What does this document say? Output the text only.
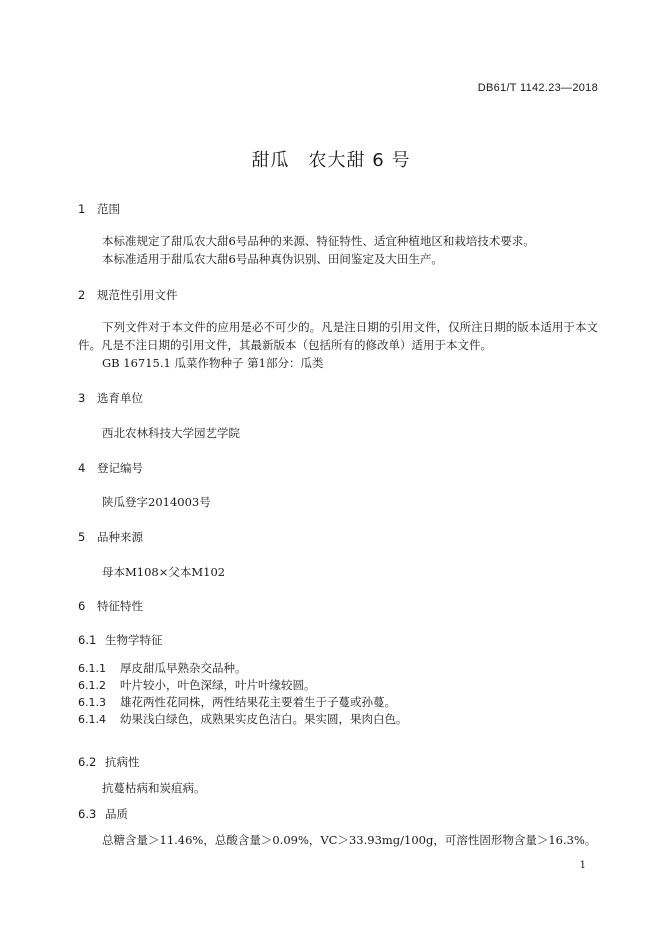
DB61/T 1142.23—2018
甜瓜　农大甜 6 号
1 范围
本标准规定了甜瓜农大甜6号品种的来源、特征特性、适宜种植地区和栽培技术要求。
本标准适用于甜瓜农大甜6号品种真伪识别、田间鉴定及大田生产。
2 规范性引用文件
下列文件对于本文件的应用是必不可少的。凡是注日期的引用文件，仅所注日期的版本适用于本文件。凡是不注日期的引用文件，其最新版本（包括所有的修改单）适用于本文件。
GB 16715.1 瓜菜作物种子 第1部分：瓜类
3 选育单位
西北农林科技大学园艺学院
4 登记编号
陕瓜登字2014003号
5 品种来源
母本M108×父本M102
6 特征特性
6.1 生物学特征
6.1.1 厚皮甜瓜早熟杂交品种。
6.1.2 叶片较小，叶色深绿，叶片叶缘较圆。
6.1.3 雄花两性花同株，两性结果花主要着生于子蔓或孙蔓。
6.1.4 幼果浅白绿色，成熟果实皮色洁白。果实圆，果肉白色。
6.2 抗病性
抗蔓枯病和炭疽病。
6.3 品质
总糖含量＞11.46%，总酸含量＞0.09%，VC＞33.93mg/100g，可溶性固形物含量＞16.3%。
1
